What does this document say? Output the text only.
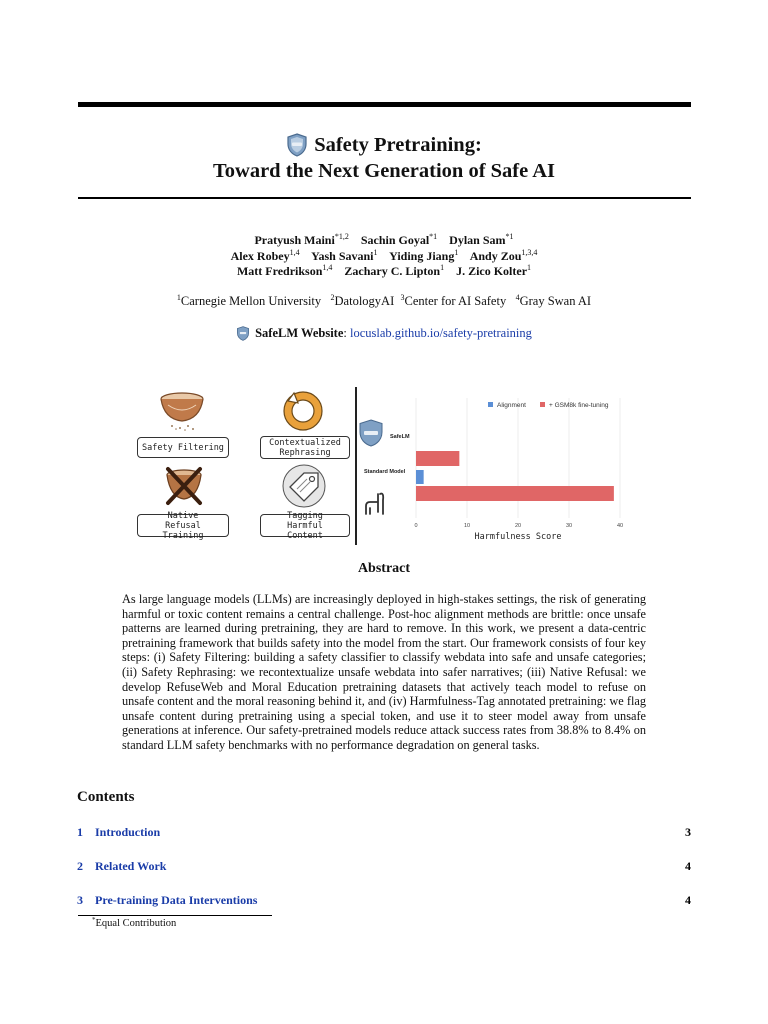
Safety Pretraining:
Toward the Next Generation of Safe AI
Pratyush Maini$^{*1,2}$ Sachin Goyal$^{*1}$ Dylan Sam$^{*1}$
Alex Robey$^{1,4}$ Yash Savani$^1$ Yiding Jiang$^1$ Andy Zou$^{1,3,4}$
Matt Fredrikson$^{1,4}$ Zachary C. Lipton$^1$ J. Zico Kolter$^1$
$^1$Carnegie Mellon University $^2$DatologyAI $^3$Center for AI Safety $^4$Gray Swan AI
SafeLM Website: locuslab.github.io/safety-pretraining
Safety Filtering	Contextualized Rephrasing
Native Refusal Training
Tagging Harmful Content
0	10	20	30	40
Harmfulness Score
Alignment	+ GSM8k fine-tuning
SafeLM
Standard Model
Abstract
As large language models (LLMs) are increasingly deployed in high-stakes settings, the risk of generating harmful or toxic content remains a central challenge. Post-hoc alignment methods are brittle: once unsafe patterns are learned during pretraining, they are hard to remove. In this work, we present a data-centric pretraining framework that builds safety into the model from the start. Our framework consists of four key steps: (i) Safety Filtering: building a safety classifier to classify webdata into safe and unsafe categories; (ii) Safety Rephrasing: we recontextualize unsafe webdata into safer narratives; (iii) Native Refusal: we develop RefuseWeb and Moral Education pretraining datasets that actively teach model to refuse on unsafe content and the moral reasoning behind it, and (iv) Harmfulness-Tag annotated pretraining: we flag unsafe content during pretraining using a special token, and use it to steer model away from unsafe generations at inference. Our safety-pretrained models reduce attack success rates from 38.8% to 8.4% on standard LLM safety benchmarks with no performance degradation on general tasks.
Contents
1	Introduction	3
2	Related Work	4
3	Pre-training Data Interventions	4
*Equal Contribution
